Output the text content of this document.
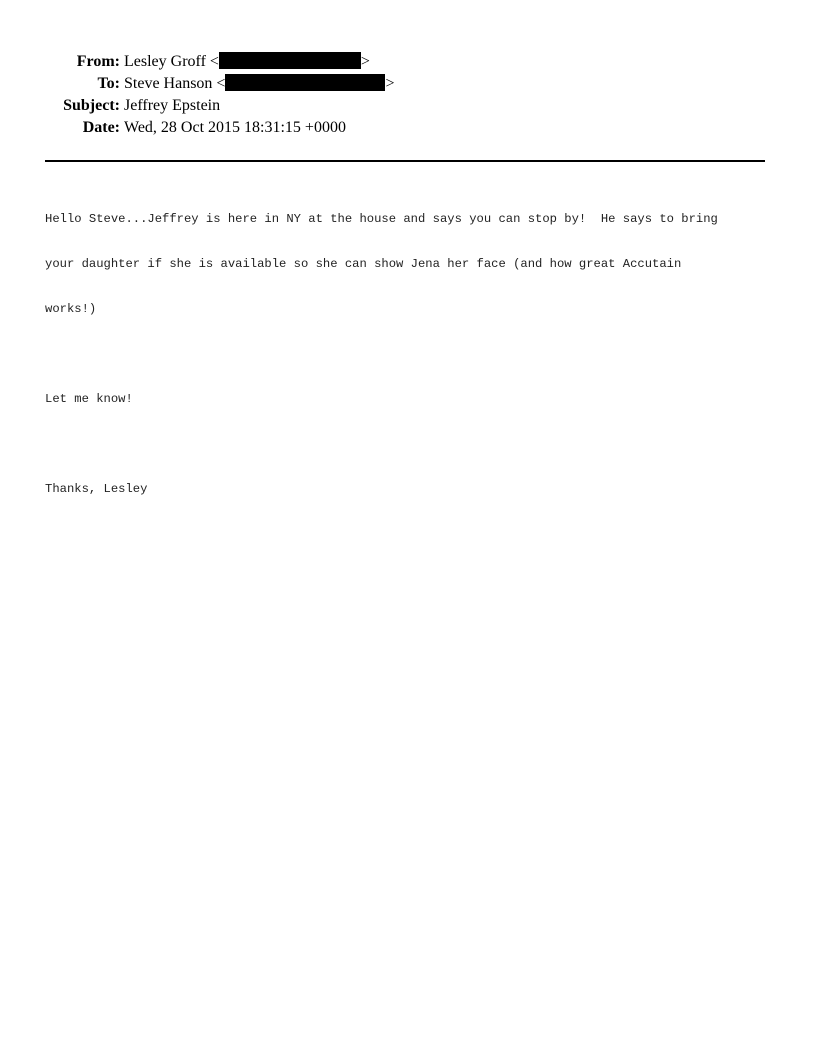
From: Lesley Groff <	>
To: Steve Hanson <	>
Subject: Jeffrey Epstein
Date: Wed, 28 Oct 2015 18:31:15 +0000

Hello Steve...Jeffrey is here in NY at the house and says you can stop by!  He says to bring

your daughter if she is available so she can show Jena her face (and how great Accutain

works!)

Let me know!

Thanks, Lesley
